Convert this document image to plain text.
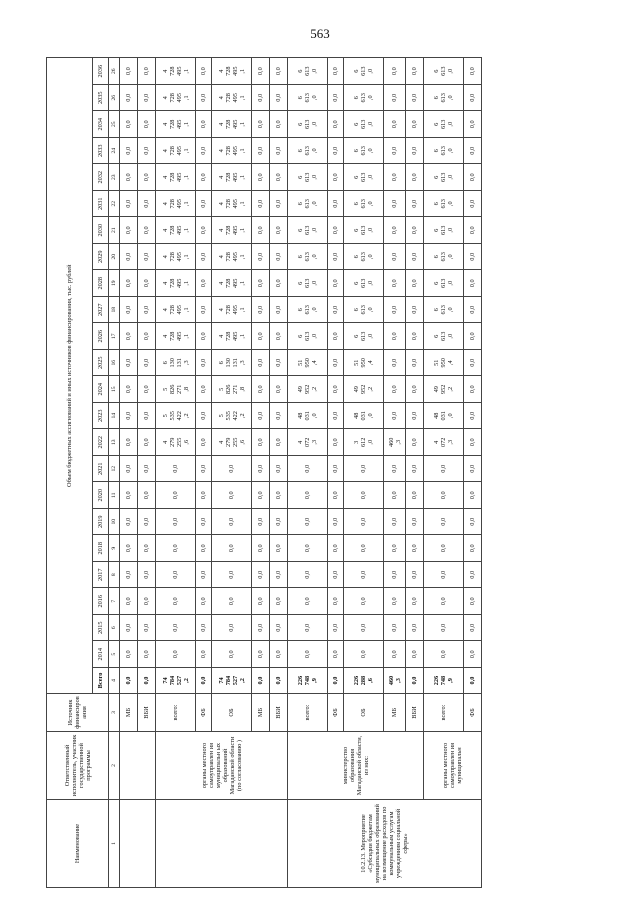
563
Наименование	Ответственный исполнитель, участник государственной программы	Источник финансирования	Объем бюджетных ассигнований и иных источников финансирования, тыс. рублей																							
			Всего	2014	2015	2016	2017	2018	2019	2020	2021	2022	2023	2024	2025	2026	2027	2028	2029	2030	2031	2032	2033	2034	2035	2036
1	2	3	4	5	6	7	8	9	10	11	12	13	14	15	16	17	18	19	20	21	22	23	24	25	26	26
		МБ	0,0	0,0	0,0	0,0	0,0	0,0	0,0	0,0	0,0	0,0	0,0	0,0	0,0	0,0	0,0	0,0	0,0	0,0	0,0	0,0	0,0	0,0	0,0	0,0
		ВБИ	0,0	0,0	0,0	0,0	0,0	0,0	0,0	0,0	0,0	0,0	0,0	0,0	0,0	0,0	0,0	0,0	0,0	0,0	0,0	0,0	0,0	0,0	0,0	0,0
	органы местного самоуправлен ия муниципальн ых образований Магаданской области (по согласованию )	всего:	74
784
527
,2	0,0	0,0	0,0	0,0	0,0	0,0	0,0	0,0	4
279
255
,6	5
535
422
,2	5
826
271
,8	6
130
131
,3	4
728
495
,1	4
728
495
,1	4
728
495
,1	4
728
495
,1	4
728
495
,1	4
728
495
,1	4
728
495
,1	4
728
495
,1	4
728
495
,1	4
728
495
,1	4
728
495
,1
		ФБ	0,0	0,0	0,0	0,0	0,0	0,0	0,0	0,0	0,0	0,0	0,0	0,0	0,0	0,0	0,0	0,0	0,0	0,0	0,0	0,0	0,0	0,0	0,0	0,0
		ОБ	74
784
527
,2	0,0	0,0	0,0	0,0	0,0	0,0	0,0	0,0	4
279
255
,6	5
535
422
,2	5
826
271
,8	6
130
131
,3	4
728
495
,1	4
728
495
,1	4
728
495
,1	4
728
495
,1	4
728
495
,1	4
728
495
,1	4
728
495
,1	4
728
495
,1	4
728
495
,1	4
728
495
,1	4
728
495
,1
		МБ	0,0	0,0	0,0	0,0	0,0	0,0	0,0	0,0	0,0	0,0	0,0	0,0	0,0	0,0	0,0	0,0	0,0	0,0	0,0	0,0	0,0	0,0	0,0	0,0
		ВБИ	0,0	0,0	0,0	0,0	0,0	0,0	0,0	0,0	0,0	0,0	0,0	0,0	0,0	0,0	0,0	0,0	0,0	0,0	0,0	0,0	0,0	0,0	0,0	0,0
10.2.13. Мероприятие «Субсидии бюджетам муниципальных образований на возмещение расходов по коммунальным услугам учреждениям социальной сферы»	министерство образования Магаданской области, из них:	всего:	226
748
,9	0,0	0,0	0,0	0,0	0,0	0,0	0,0	0,0	4
072
,3	48
031
,0	49
952
,2	51
950
,4	6
613
,0	6
613
,0	6
613
,0	6
613
,0	6
613
,0	6
613
,0	6
613
,0	6
613
,0	6
613
,0	6
613
,0	6
613
,0
		ФБ	0,0	0,0	0,0	0,0	0,0	0,0	0,0	0,0	0,0	0,0	0,0	0,0	0,0	0,0	0,0	0,0	0,0	0,0	0,0	0,0	0,0	0,0	0,0	0,0
		ОБ	226
288
,6	0,0	0,0	0,0	0,0	0,0	0,0	0,0	0,0	3
612
,0	48
031
,0	49
952
,2	51
950
,4	6
613
,0	6
613
,0	6
613
,0	6
613
,0	6
613
,0	6
613
,0	6
613
,0	6
613
,0	6
613
,0	6
613
,0	6
613
,0
		МБ	460
,3	0,0	0,0	0,0	0,0	0,0	0,0	0,0	0,0	460
,3	0,0	0,0	0,0	0,0	0,0	0,0	0,0	0,0	0,0	0,0	0,0	0,0	0,0	0,0
		ВБИ	0,0	0,0	0,0	0,0	0,0	0,0	0,0	0,0	0,0	0,0	0,0	0,0	0,0	0,0	0,0	0,0	0,0	0,0	0,0	0,0	0,0	0,0	0,0	0,0
	органы местного самоуправлен ия муниципальн	всего:	226
748
,9	0,0	0,0	0,0	0,0	0,0	0,0	0,0	0,0	4
072
,3	48
031
,0	49
952
,2	51
950
,4	6
613
,0	6
613
,0	6
613
,0	6
613
,0	6
613
,0	6
613
,0	6
613
,0	6
613
,0	6
613
,0	6
613
,0	6
613
,0
		ФБ	0,0	0,0	0,0	0,0	0,0	0,0	0,0	0,0	0,0	0,0	0,0	0,0	0,0	0,0	0,0	0,0	0,0	0,0	0,0	0,0	0,0	0,0	0,0	0,0
